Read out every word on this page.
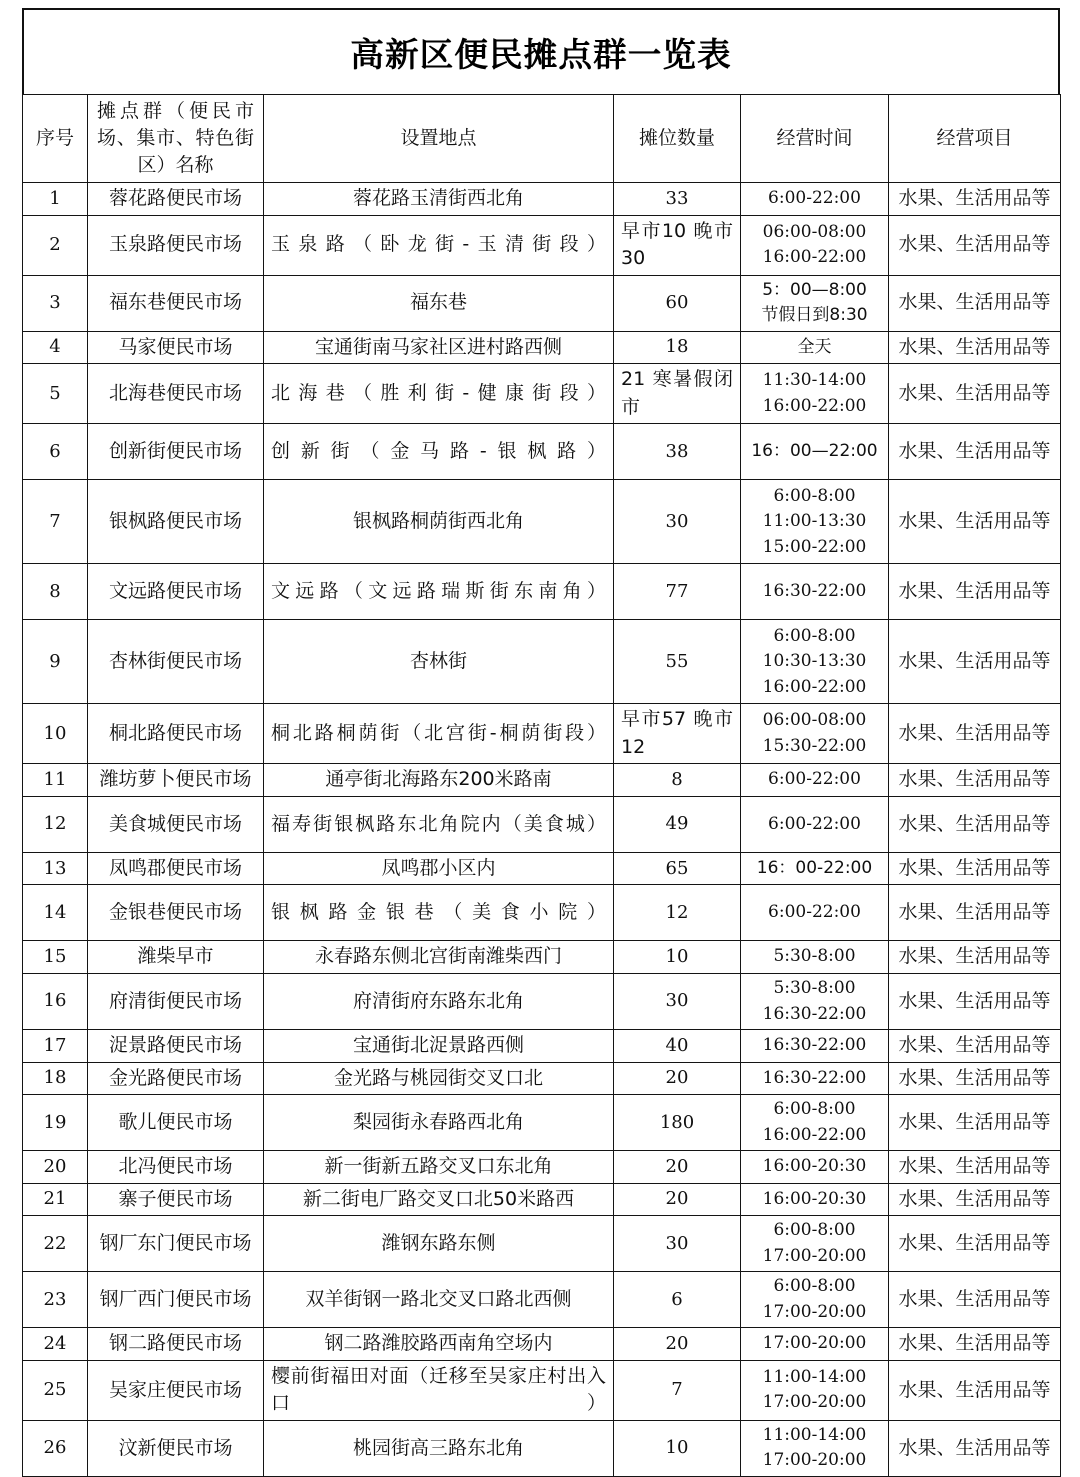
高新区便民摊点群一览表
序号	摊点群（便民市场、集市、特色街区）名称	设置地点	摊位数量	经营时间	经营项目

1	蓉花路便民市场	蓉花路玉清街西北角	33	6:00-22:00	水果、生活用品等
2	玉泉路便民市场	玉泉路（卧龙街-玉清街段）	早市10 晚市30	06:00-08:00
16:00-22:00	水果、生活用品等
3	福东巷便民市场	福东巷	60	5：00—8:00
节假日到8:30	水果、生活用品等
4	马家便民市场	宝通街南马家社区进村路西侧	18	全天	水果、生活用品等
5	北海巷便民市场	北海巷（胜利街-健康街段）	21 寒暑假闭市	11:30-14:00
16:00-22:00	水果、生活用品等
6	创新街便民市场	创新街（金马路-银枫路）	38	16：00—22:00	水果、生活用品等
7	银枫路便民市场	银枫路桐荫街西北角	30	6:00-8:00
11:00-13:30
15:00-22:00	水果、生活用品等
8	文远路便民市场	文远路（文远路瑞斯街东南角）	77	16:30-22:00	水果、生活用品等
9	杏林街便民市场	杏林街	55	6:00-8:00
10:30-13:30
16:00-22:00	水果、生活用品等
10	桐北路便民市场	桐北路桐荫街（北宫街-桐荫街段）	早市57 晚市12	06:00-08:00
15:30-22:00	水果、生活用品等
11	潍坊萝卜便民市场	通亭街北海路东200米路南	8	6:00-22:00	水果、生活用品等
12	美食城便民市场	福寿街银枫路东北角院内（美食城）	49	6:00-22:00	水果、生活用品等
13	凤鸣郡便民市场	凤鸣郡小区内	65	16：00-22:00	水果、生活用品等
14	金银巷便民市场	银枫路金银巷（美食小院）	12	6:00-22:00	水果、生活用品等
15	潍柴早市	永春路东侧北宫街南潍柴西门	10	5:30-8:00	水果、生活用品等
16	府清街便民市场	府清街府东路东北角	30	5:30-8:00
16:30-22:00	水果、生活用品等
17	浞景路便民市场	宝通街北浞景路西侧	40	16:30-22:00	水果、生活用品等
18	金光路便民市场	金光路与桃园街交叉口北	20	16:30-22:00	水果、生活用品等
19	歌儿便民市场	梨园街永春路西北角	180	6:00-8:00
16:00-22:00	水果、生活用品等
20	北冯便民市场	新一街新五路交叉口东北角	20	16:00-20:30	水果、生活用品等
21	寨子便民市场	新二街电厂路交叉口北50米路西	20	16:00-20:30	水果、生活用品等
22	钢厂东门便民市场	潍钢东路东侧	30	6:00-8:00
17:00-20:00	水果、生活用品等
23	钢厂西门便民市场	双羊街钢一路北交叉口路北西侧	6	6:00-8:00
17:00-20:00	水果、生活用品等
24	钢二路便民市场	钢二路潍胶路西南角空场内	20	17:00-20:00	水果、生活用品等
25	吴家庄便民市场	樱前街福田对面（迁移至吴家庄村出入口）	7	11:00-14:00
17:00-20:00	水果、生活用品等
26	汶新便民市场	桃园街高三路东北角	10	11:00-14:00
17:00-20:00	水果、生活用品等
